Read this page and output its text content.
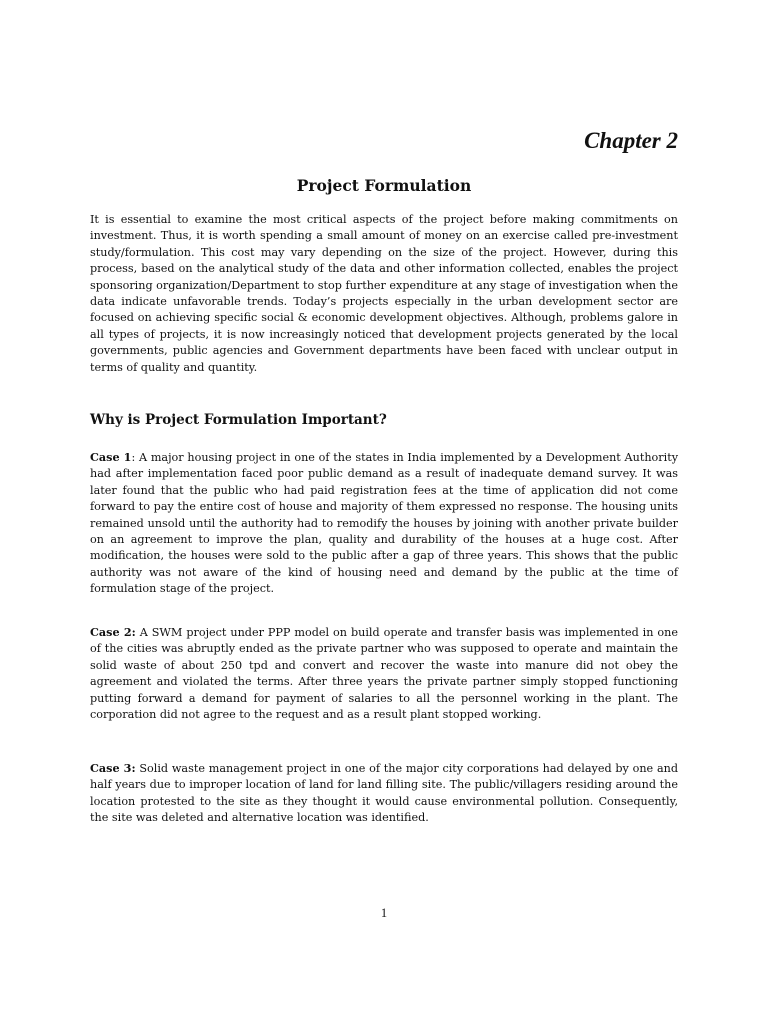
Chapter 2
Project Formulation

It is essential to examine the most critical aspects of the project before making commitments on investment. Thus, it is worth spending a small amount of money on an exercise called pre-investment study/formulation. This cost may vary depending on the size of the project. However, during this process, based on the analytical study of the data and other information collected, enables the project sponsoring organization/Department to stop further expenditure at any stage of investigation when the data indicate unfavorable trends. Today’s projects especially in the urban development sector are focused on achieving specific social & economic development objectives. Although, problems galore in all types of projects, it is now increasingly noticed that development projects generated by the local governments, public agencies and Government departments have been faced with unclear output in terms of quality and quantity.

Why is Project Formulation Important?

Case 1: A major housing project in one of the states in India implemented by a Development Authority had after implementation faced poor public demand as a result of inadequate demand survey. It was later found that the public who had paid registration fees at the time of application did not come forward to pay the entire cost of house and majority of them expressed no response. The housing units remained unsold until the authority had to remodify the houses by joining with another private builder on an agreement to improve the plan, quality and durability of the houses at a huge cost. After modification, the houses were sold to the public after a gap of three years. This shows that the public authority was not aware of the kind of housing need and demand by the public at the time of formulation stage of the project.

Case 2: A SWM project under PPP model on build operate and transfer basis was implemented in one of the cities was abruptly ended as the private partner who was supposed to operate and maintain the solid waste of about 250 tpd and convert and recover the waste into manure did not obey the agreement and violated the terms. After three years the private partner simply stopped functioning putting forward a demand for payment of salaries to all the personnel working in the plant. The corporation did not agree to the request and as a result plant stopped working.

Case 3: Solid waste management project in one of the major city corporations had delayed by one and half years due to improper location of land for land filling site. The public/villagers residing around the location protested to the site as they thought it would cause environmental pollution. Consequently, the site was deleted and alternative location was identified.

1
